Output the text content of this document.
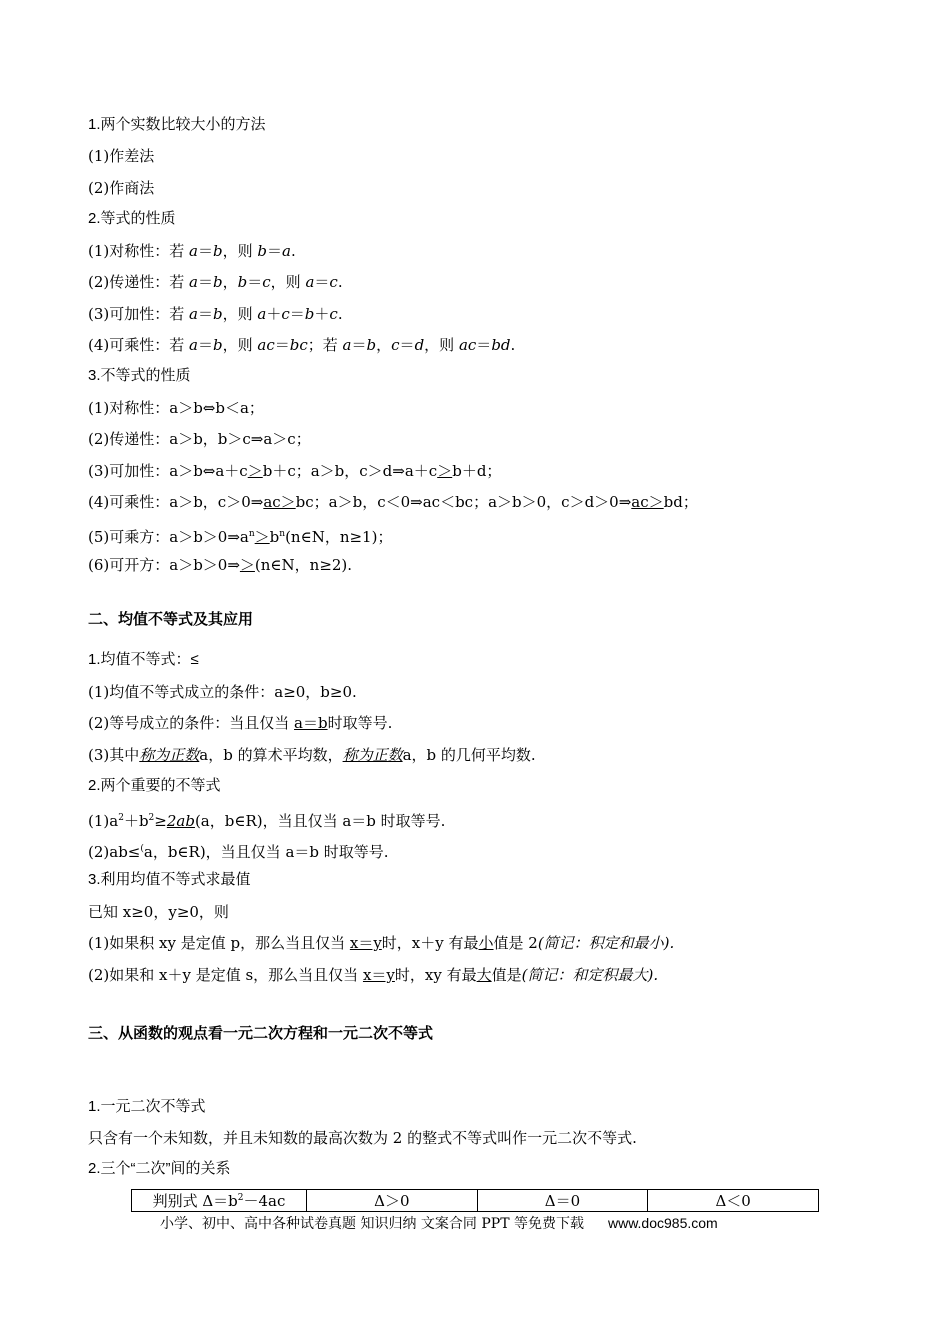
1.两个实数比较大小的方法
(1)作差法
(2)作商法
2.等式的性质
(1)对称性：若 a＝b，则 b＝a.
(2)传递性：若 a＝b，b＝c，则 a＝c.
(3)可加性：若 a＝b，则 a＋c＝b＋c.
(4)可乘性：若 a＝b，则 ac＝bc；若 a＝b，c＝d，则 ac＝bd.
3.不等式的性质
(1)对称性：a＞b⇔b＜a；
(2)传递性：a＞b，b＞c⇒a＞c；
(3)可加性：a＞b⇔a＋c＞b＋c；a＞b，c＞d⇒a＋c＞b＋d；
(4)可乘性：a＞b，c＞0⇒ac＞bc；a＞b，c＜0⇒ac＜bc；a＞b＞0，c＞d＞0⇒ac＞bd；
(5)可乘方：$a>b>0\Rightarrow a^n>b^n(n\in N$，n≥1)；
(6)可开方：a＞b＞0⇒＞(n∈N，n≥2).
二、均值不等式及其应用
1.均值不等式：≤
(1)均值不等式成立的条件：a≥0，b≥0.
(2)等号成立的条件：当且仅当 a＝b时取等号.
(3)其中称为正数a，b 的算术平均数，称为正数a，b 的几何平均数.
2.两个重要的不等式
$(1)a^2+b^2\ge 2ab(a$，b∈R)，当且仅当 a＝b 时取等号.
(2)ab≤(a，b∈R)，当且仅当 a＝b 时取等号.
3.利用均值不等式求最值
已知 x≥0，y≥0，则
(1)如果积 xy 是定值 p，那么当且仅当 x＝y时，x＋y 有最小值是 2(简记：积定和最小).
(2)如果和 x＋y 是定值 s，那么当且仅当 x＝y时，xy 有最大值是(简记：和定积最大).
三、从函数的观点看一元二次方程和一元二次不等式
1.一元二次不等式
只含有一个未知数，并且未知数的最高次数为 2 的整式不等式叫作一元二次不等式.
2.三个“二次”间的关系
判别式 $\Delta=b^2-4ac$	Δ＞0	Δ＝0	Δ＜0
小学、初中、高中各种试卷真题 知识归纳 文案合同 PPT 等免费下载 www.doc985.com
